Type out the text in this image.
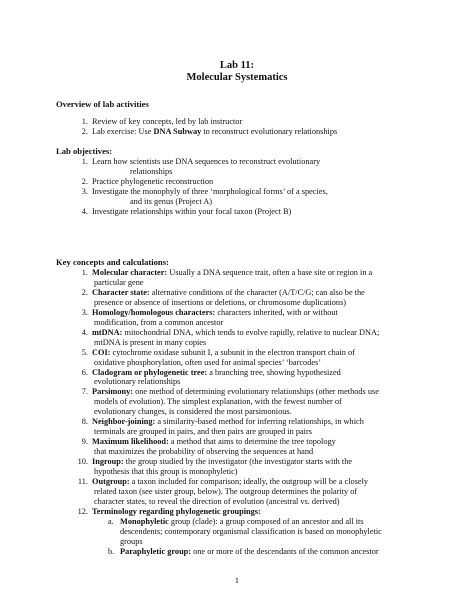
Lab 11:
Molecular Systematics
Overview of lab activities
1. Review of key concepts, led by lab instructor
2. Lab exercise: Use DNA Subway to reconstruct evolutionary relationships
Lab objectives:
1. Learn how scientists use DNA sequences to reconstruct evolutionary
relationships
2. Practice phylogenetic reconstruction
3. Investigate the monophyly of three ‘morphological forms’ of a species,
and its genus (Project A)
4. Investigate relationships within your focal taxon (Project B)
Key concepts and calculations:
1. Molecular character: Usually a DNA sequence trait, often a base site or region in a
particular gene
2. Character state: alternative conditions of the character (A/T/C/G; can also be the
presence or absence of insertions or deletions, or chromosome duplications)
3. Homology/homologous characters: characters inherited, with or without
modification, from a common ancestor
4. mtDNA: mitochondrial DNA, which tends to evolve rapidly, relative to nuclear DNA;
mtDNA is present in many copies
5. COI: cytochrome oxidase subunit I, a subunit in the electron transport chain of
oxidative phosphorylation, often used for animal species’ ‘barcodes’
6. Cladogram or phylogenetic tree: a branching tree, showing hypothesized
evolutionary relationships
7. Parsimony: one method of determining evolutionary relationships (other methods use
models of evolution). The simplest explanation, with the fewest number of
evolutionary changes, is considered the most parsimonious.
8. Neighbor-joining: a similarity-based method for inferring relationships, in which
terminals are grouped in pairs, and then pairs are grouped in pairs
9. Maximum likelihood: a method that aims to determine the tree topology
that maximizes the probability of observing the sequences at hand
10. Ingroup: the group studied by the investigator (the investigator starts with the
hypothesis that this group is monophyletic)
11. Outgroup: a taxon included for comparison; ideally, the outgroup will be a closely
related taxon (see sister group, below). The outgroup determines the polarity of
character states, to reveal the direction of evolution (ancestral vs. derived)
12. Terminology regarding phylogenetic groupings:
a. Monophyletic group (clade): a group composed of an ancestor and all its
descendents; contemporary organismal classification is based on monophyletic
groups
b. Paraphyletic group: one or more of the descendants of the common ancestor
1
